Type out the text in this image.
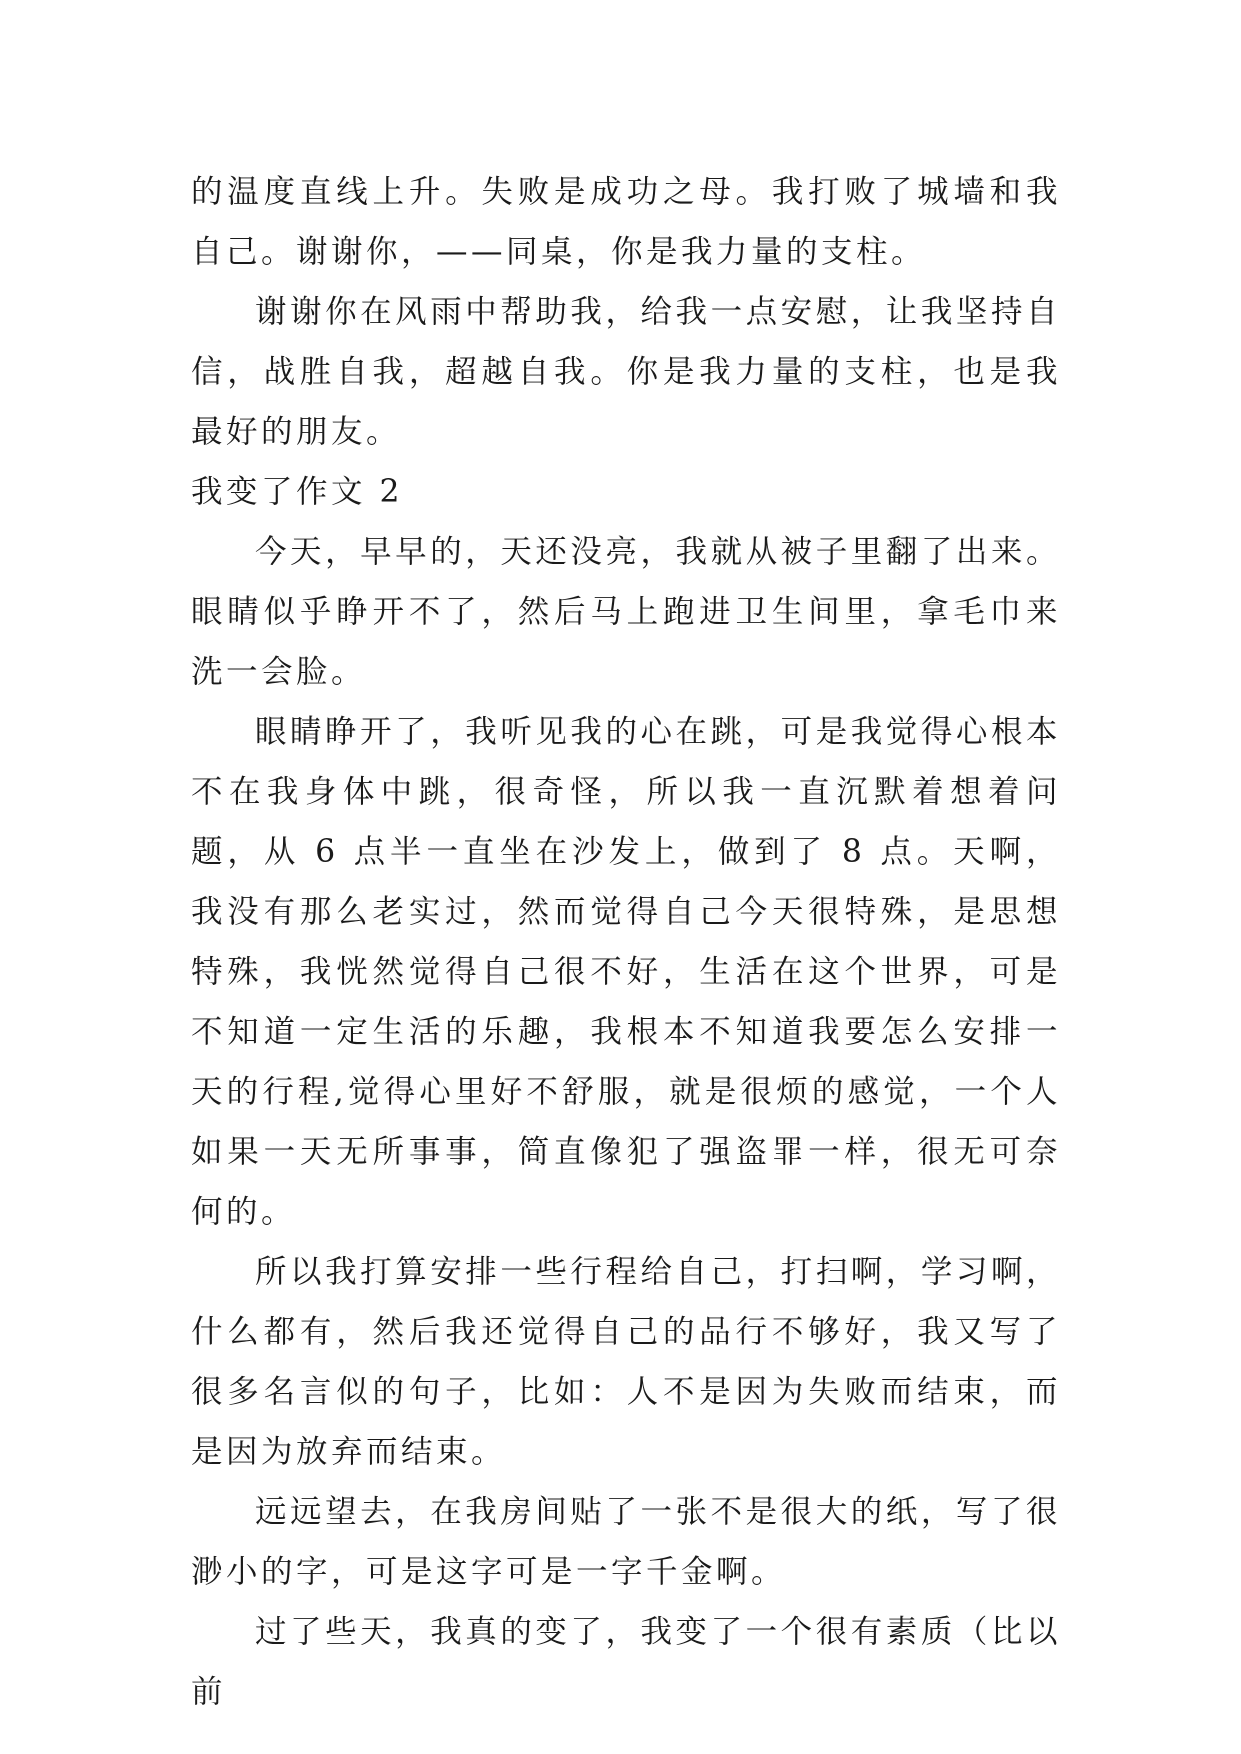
的温度直线上升。失败是成功之母。我打败了城墙和我自己。谢谢你，——同桌，你是我力量的支柱。

谢谢你在风雨中帮助我，给我一点安慰，让我坚持自信，战胜自我，超越自我。你是我力量的支柱，也是我最好的朋友。

我变了作文 2

今天，早早的，天还没亮，我就从被子里翻了出来。眼睛似乎睁开不了，然后马上跑进卫生间里，拿毛巾来洗一会脸。

眼睛睁开了，我听见我的心在跳，可是我觉得心根本不在我身体中跳，很奇怪，所以我一直沉默着想着问题，从 6 点半一直坐在沙发上，做到了 8 点。天啊，我没有那么老实过，然而觉得自己今天很特殊，是思想特殊，我恍然觉得自己很不好，生活在这个世界，可是不知道一定生活的乐趣，我根本不知道我要怎么安排一天的行程,觉得心里好不舒服，就是很烦的感觉，一个人如果一天无所事事，简直像犯了强盗罪一样，很无可奈何的。

所以我打算安排一些行程给自己，打扫啊，学习啊，什么都有，然后我还觉得自己的品行不够好，我又写了很多名言似的句子，比如：人不是因为失败而结束，而是因为放弃而结束。

远远望去，在我房间贴了一张不是很大的纸，写了很渺小的字，可是这字可是一字千金啊。

过了些天，我真的变了，我变了一个很有素质（比以前
